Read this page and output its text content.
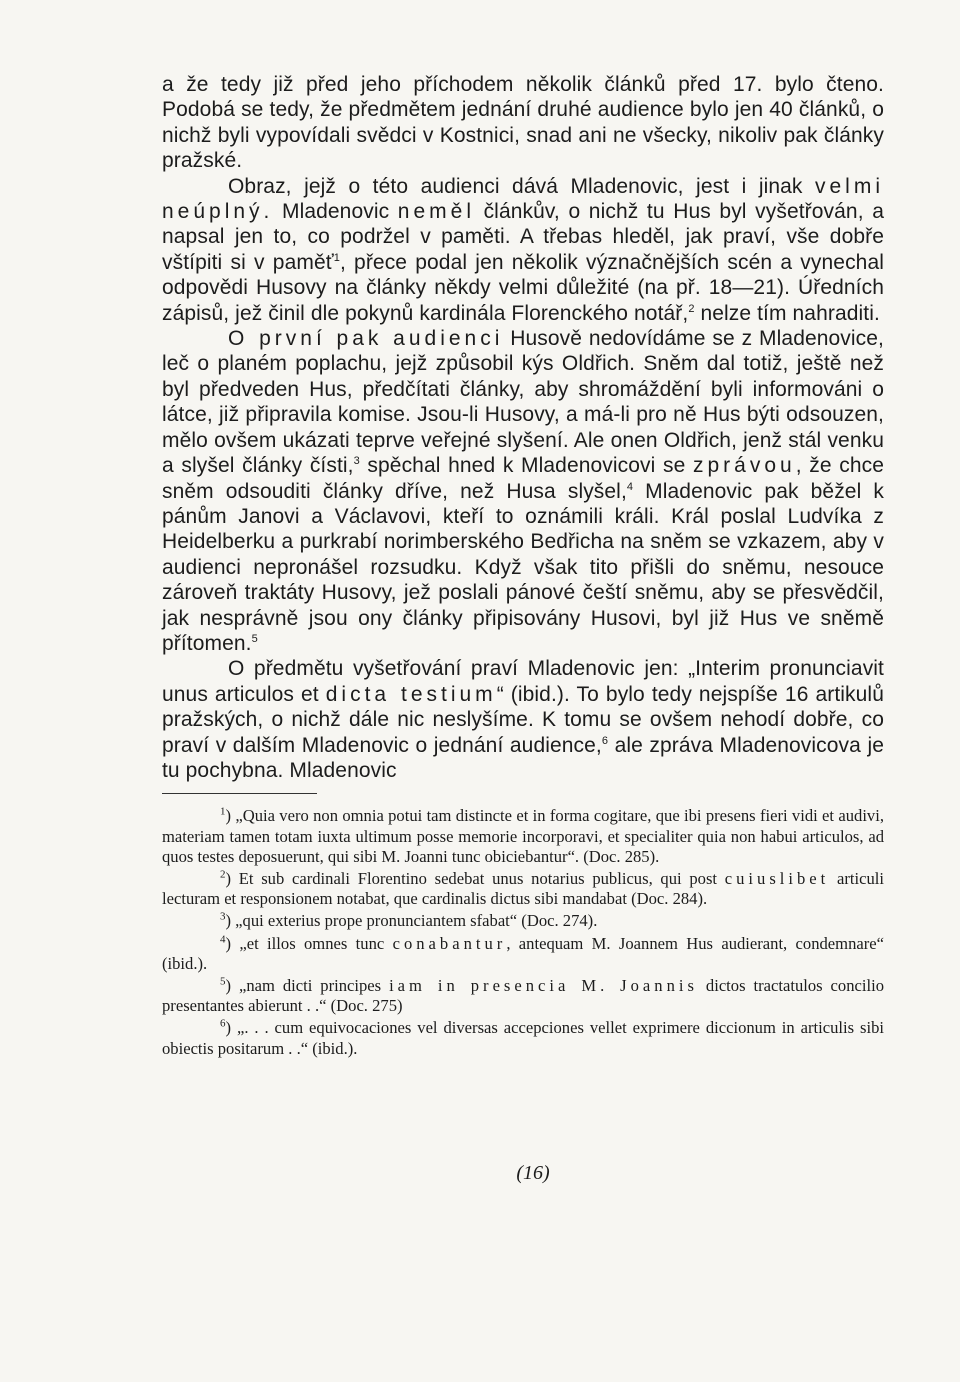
a že tedy již před jeho příchodem několik článků před 17. bylo čteno. Podobá se tedy, že předmětem jednání druhé audience bylo jen 40 článků, o nichž byli vypovídali svědci v Kostnici, snad ani ne všecky, nikoliv pak články pražské.

Obraz, jejž o této audienci dává Mladenovic, jest i jinak velmi neúplný. Mladenovic neměl článkův, o nichž tu Hus byl vyšetřován, a napsal jen to, co podržel v paměti. A třebas hleděl, jak praví, vše dobře vštípiti si v paměť$^1$, přece podal jen několik význačnějších scén a vynechal odpovědi Husovy na články někdy velmi důležité (na př. 18—21). Úředních zápisů, jež činil dle pokynů kardinála Florenckého notář,$^2$ nelze tím nahraditi.

O první pak audienci Husově nedovídáme se z Mladenovice, leč o planém poplachu, jejž způsobil kýs Oldřich. Sněm dal totiž, ještě než byl předveden Hus, předčítati články, aby shromáždění byli informováni o látce, již připravila komise. Jsou-li Husovy, a má-li pro ně Hus býti odsouzen, mělo ovšem ukázati teprve veřejné slyšení. Ale onen Oldřich, jenž stál venku a slyšel články čísti,$^3$ spěchal hned k Mladenovicovi se zprávou, že chce sněm odsouditi články dříve, než Husa slyšel,$^4$ Mladenovic pak běžel k pánům Janovi a Václavovi, kteří to oznámili králi. Král poslal Ludvíka z Heidelberku a purkrabí norimberského Bedřicha na sněm se vzkazem, aby v audienci nepronášel rozsudku. Když však tito přišli do sněmu, nesouce zároveň traktáty Husovy, jež poslali pánové čeští sněmu, aby se přesvědčil, jak nesprávně jsou ony články připisovány Husovi, byl již Hus ve sněmě přítomen.$^5$

O předmětu vyšetřování praví Mladenovic jen: „Interim pronunciavit unus articulos et dicta testium“ (ibid.). To bylo tedy nejspíše 16 artikulů pražských, o nichž dále nic neslyšíme. K tomu se ovšem nehodí dobře, co praví v dalším Mladenovic o jednání audience,$^6$ ale zpráva Mladenovicova je tu pochybna. Mladenovic

$^1$) „Quia vero non omnia potui tam distincte et in forma cogitare, que ibi presens fieri vidi et audivi, materiam tamen totam iuxta ultimum posse memorie incorporavi, et specialiter quia non habui articulos, ad quos testes deposuerunt, qui sibi M. Joanni tunc obiciebantur“. (Doc. 285).

$^2$) Et sub cardinali Florentino sedebat unus notarius publicus, qui post cuiuslibet articuli lecturam et responsionem notabat, que cardinalis dictus sibi mandabat (Doc. 284).

$^3$) „qui exterius prope pronunciantem sfabat“ (Doc. 274).

$^4$) „et illos omnes tunc conabantur, antequam M. Joannem Hus audierant, condemnare“ (ibid.).

$^5$) „nam dicti principes iam in presencia M. Joannis dictos tractatulos concilio presentantes abierunt . .“ (Doc. 275)

$^6$) „. . . cum equivocaciones vel diversas accepciones vellet exprimere diccionum in articulis sibi obiectis positarum . .“ (ibid.).

(16)
